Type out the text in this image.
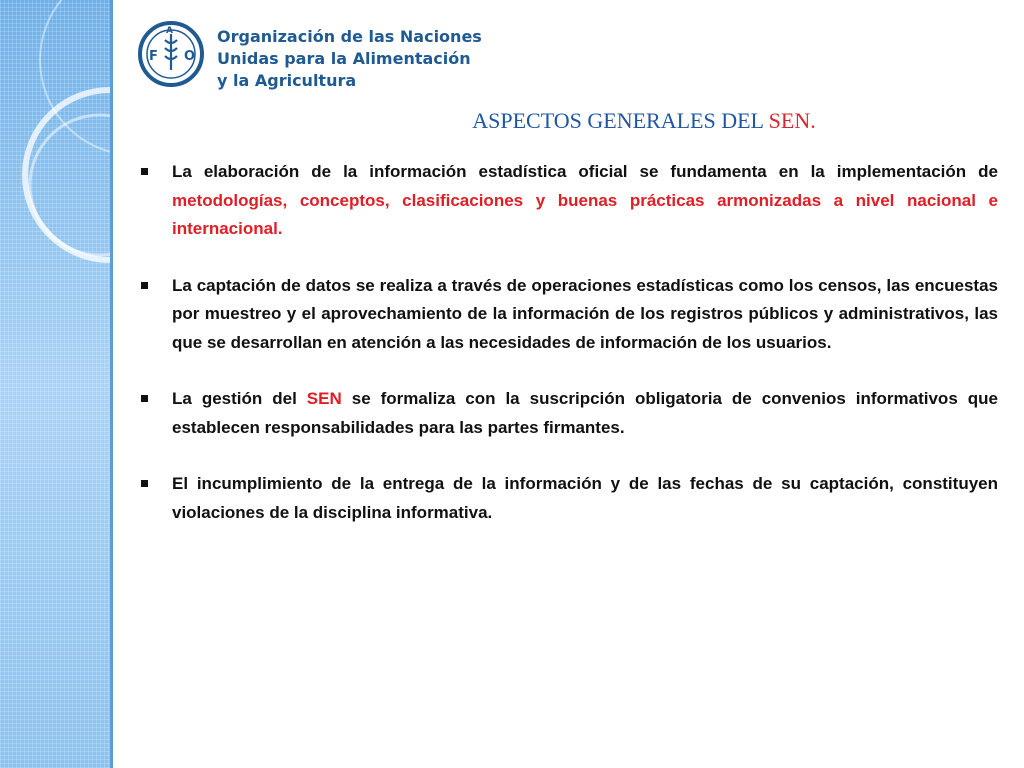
F O
A	Organización de las Naciones
Unidas para la Alimentación
y la Agricultura
ASPECTOS GENERALES DEL SEN.
La elaboración de la información estadística oficial se fundamenta en la implementación de metodologías, conceptos, clasificaciones y buenas prácticas armonizadas a nivel nacional e internacional.
La captación de datos se realiza a través de operaciones estadísticas como los censos, las encuestas por muestreo y el aprovechamiento de la información de los registros públicos y administrativos, las que se desarrollan en atención a las necesidades de información de los usuarios.
La gestión del SEN se formaliza con la suscripción obligatoria de convenios informativos que establecen responsabilidades para las partes firmantes.
El incumplimiento de la entrega de la información y de las fechas de su captación, constituyen violaciones de la disciplina informativa.
